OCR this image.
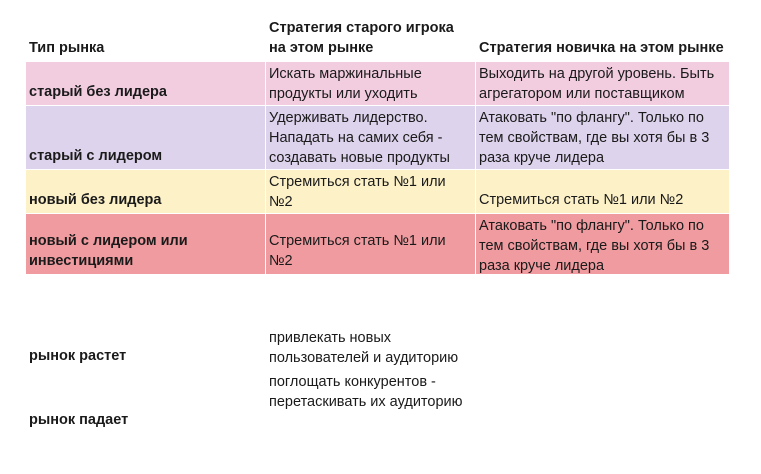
Тип рынка
Стратегия старого игрока на этом рынке	Стратегия новичка на этом рынке
старый без лидера
Искать маржинальные продукты или уходить
Выходить на другой уровень. Быть агрегатором или поставщиком
старый с лидером
Удерживать лидерство. Нападать на самих себя - создавать новые продукты
Атаковать "по флангу". Только по тем свойствам, где вы хотя бы в 3 раза круче лидера
новый без лидера
Стремиться стать №1 или №2	Стремиться стать №1 или №2
новый с лидером или инвестициями
Стремиться стать №1 или №2
Атаковать "по флангу". Только по тем свойствам, где вы хотя бы в 3 раза круче лидера
рынок растет
привлекать новых пользователей и аудиторию
рынок падает
поглощать конкурентов - перетаскивать их аудиторию
